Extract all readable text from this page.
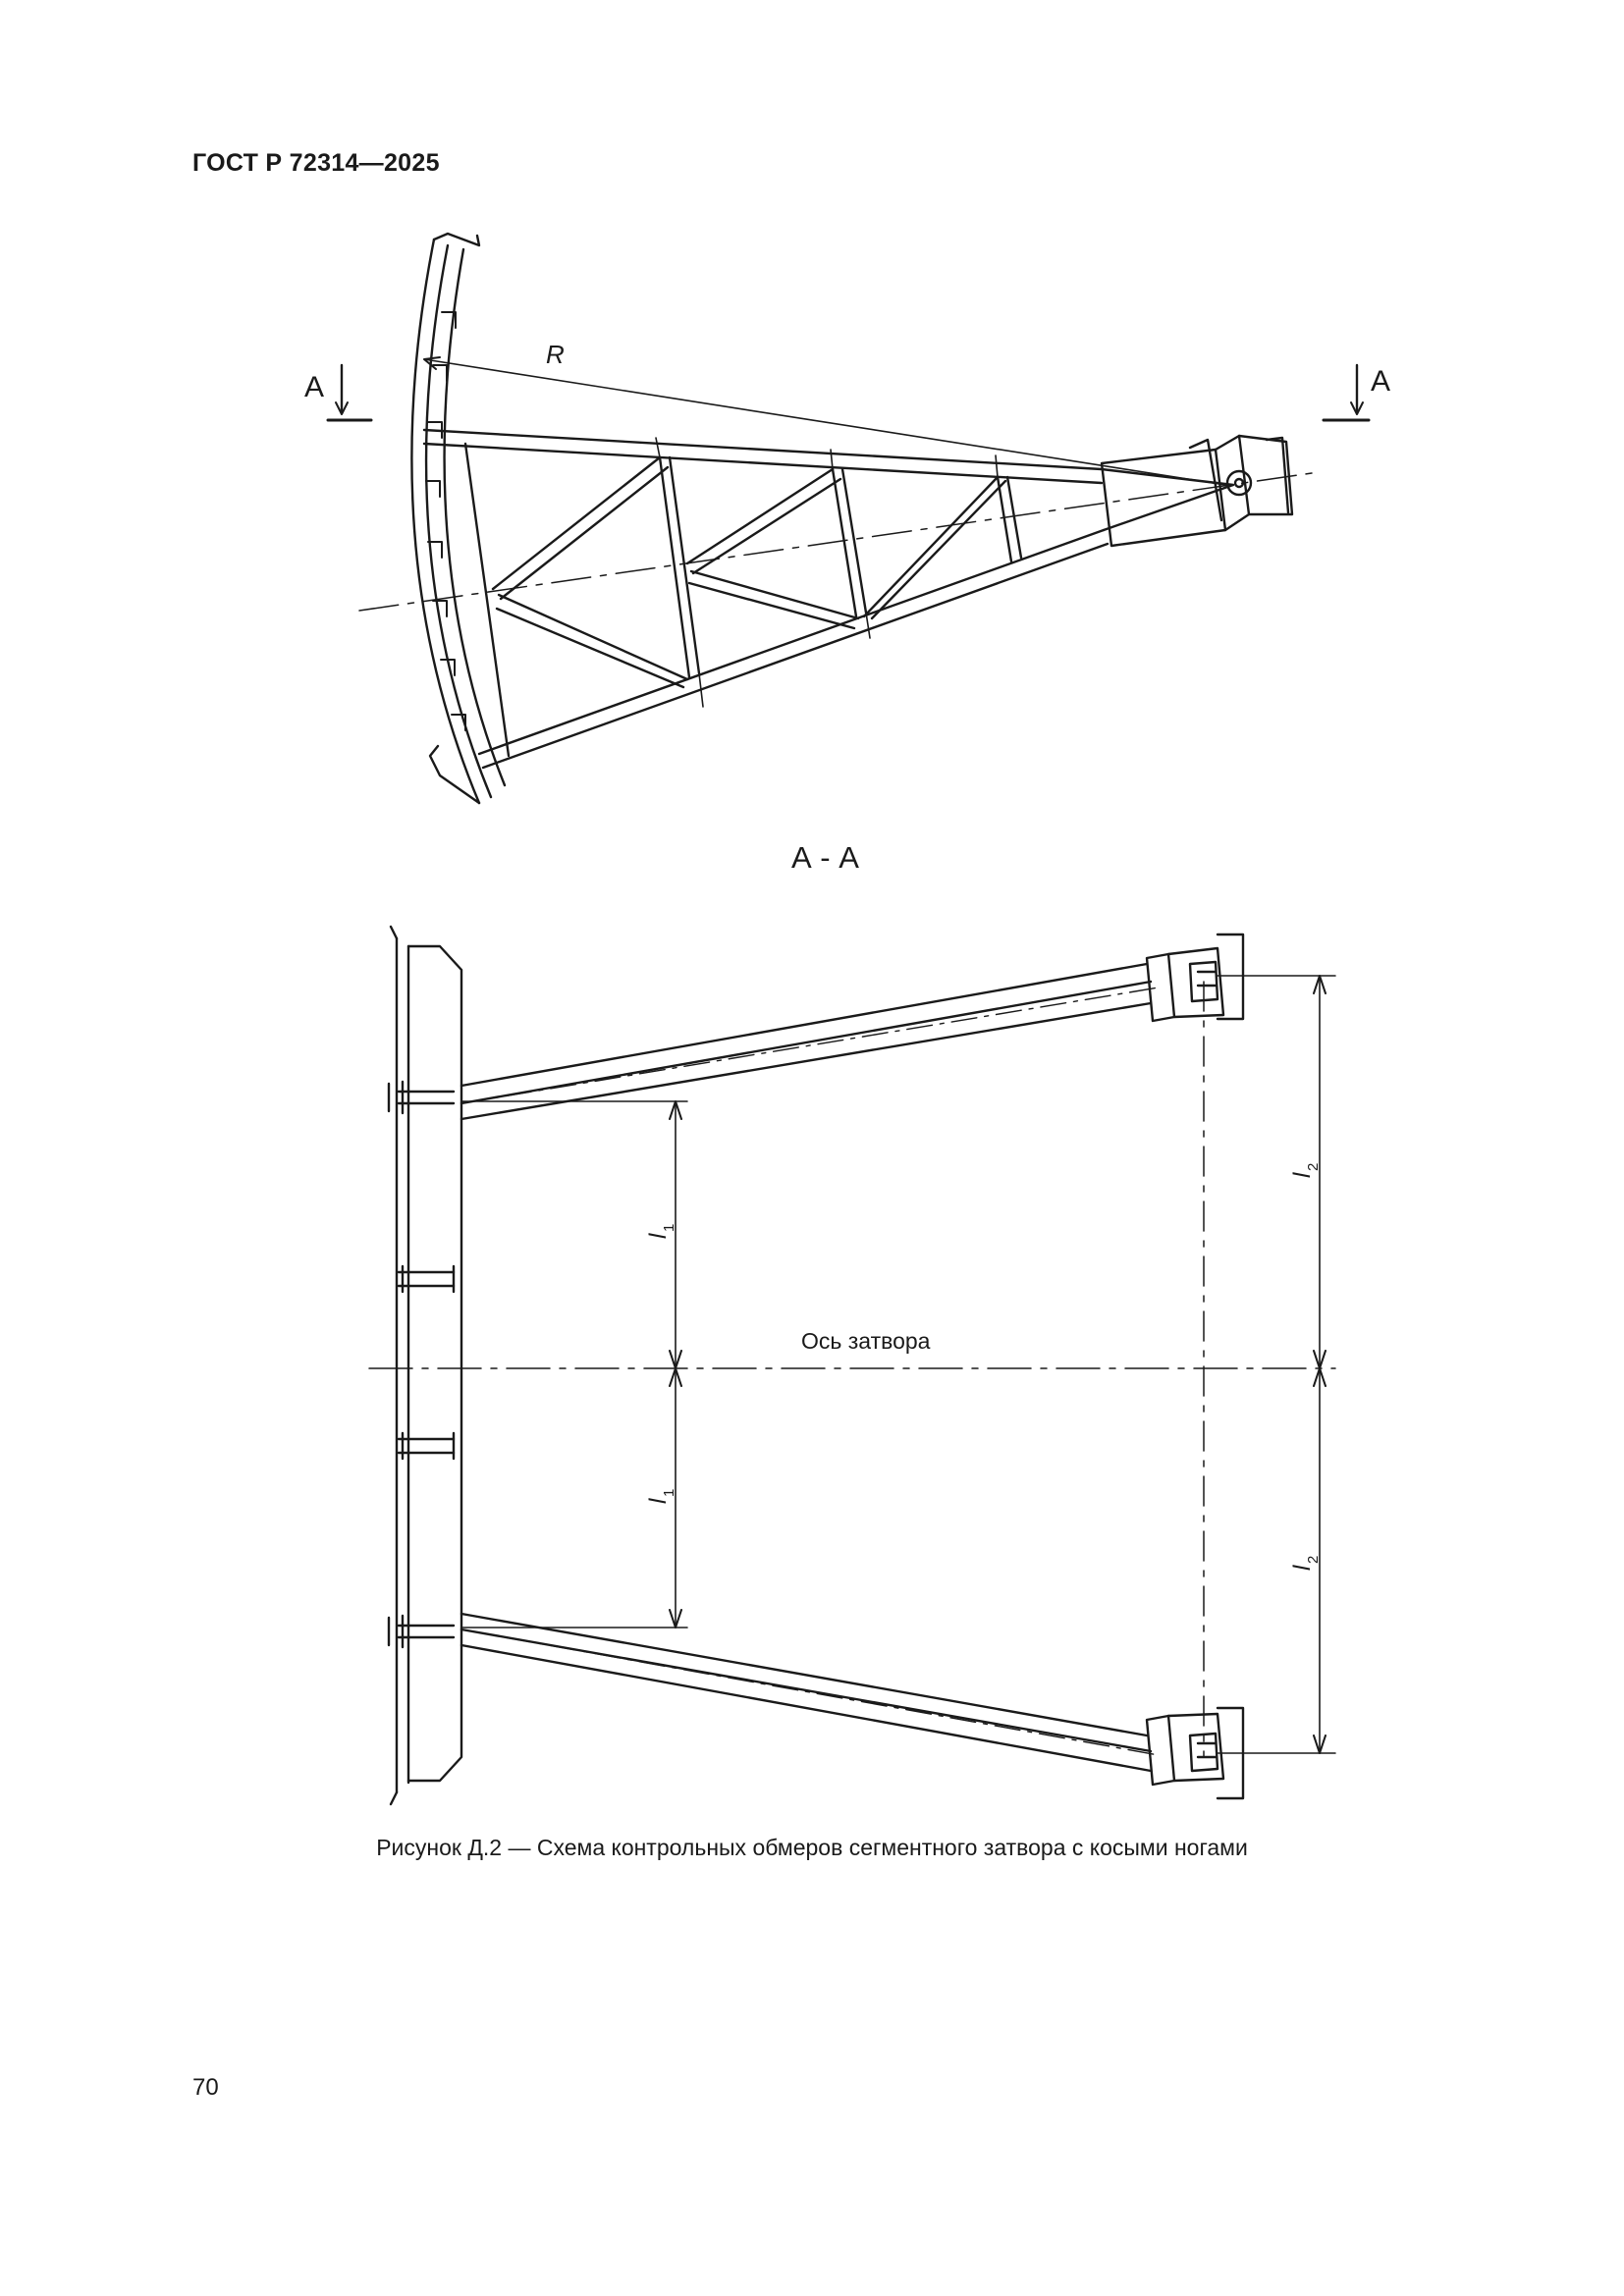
ГОСТ Р 72314—2025
R
А	А
А - А
Ось затвора
l
1
l
1
l
2
l
2
Рисунок Д.2 — Схема контрольных обмеров сегментного затвора с косыми ногами
70
